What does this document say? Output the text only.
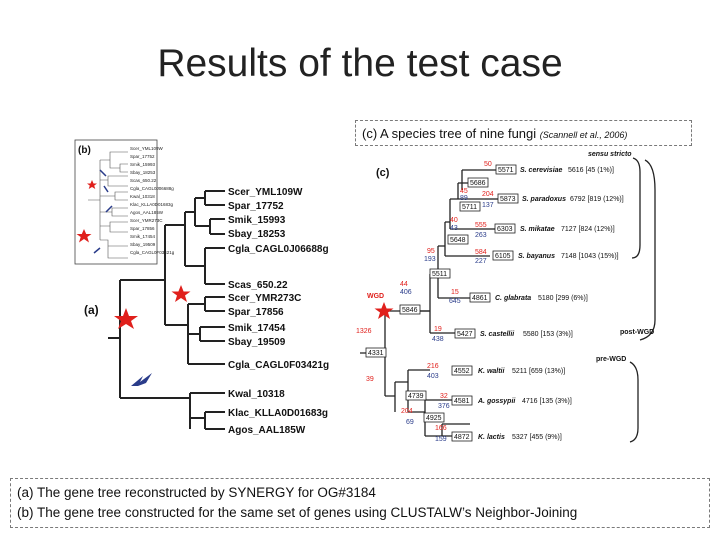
Results of the test case
(b)	Scer_YML109W
Spar_17752
Smik_15993
Sbay_18253
Scas_650.22
Cgla_CAGL0J06688g
Kwal_10318
Klac_KLLA0D01683g
Agos_AAL185W
Scer_YMR273C
Spar_17856
Smik_17454
Sbay_19509
Cgla_CAGL0F03421g
(a)
Scer_YML109W
Spar_17752
Smik_15993
Sbay_18253
Cgla_CAGL0J06688g
Scas_650.22
Scer_YMR273C
Spar_17856
Smik_17454
Sbay_19509
Cgla_CAGL0F03421g
Kwal_10318
Klac_KLLA0D01683g
Agos_AAL185W
(c)
WGD
sensu stricto
post-WGD
pre-WGD
5686
5711
45
89
5648
40
43
5511
95
193
5846
44
406
4331
1326
4739
39
4925
204
69
5571
50
S. cerevisiae 5616 [45 (1%)]
5873
204
137
S. paradoxus 6792 [819 (12%)]
6303
555
263
S. mikatae 7127 [824 (12%)]
6105
584
227
S. bayanus 7148 [1043 (15%)]
4861
15
645	C. glabrata 5180 [299 (6%)]
5427
19
438
S. castellii 5580 [153 (3%)]
4552
216
403
K. waltii 5211 [659 (13%)]
4581
32
376
A. gossypii 4716 [135 (3%)]
4872
166
159	K. lactis 5327 [455 (9%)]
(c) A species tree of nine fungi (Scannell et al., 2006)
(a) The gene tree reconstructed by SYNERGY for OG#3184
(b) The gene tree constructed for the same set of genes using CLUSTALW’s Neighbor-Joining
